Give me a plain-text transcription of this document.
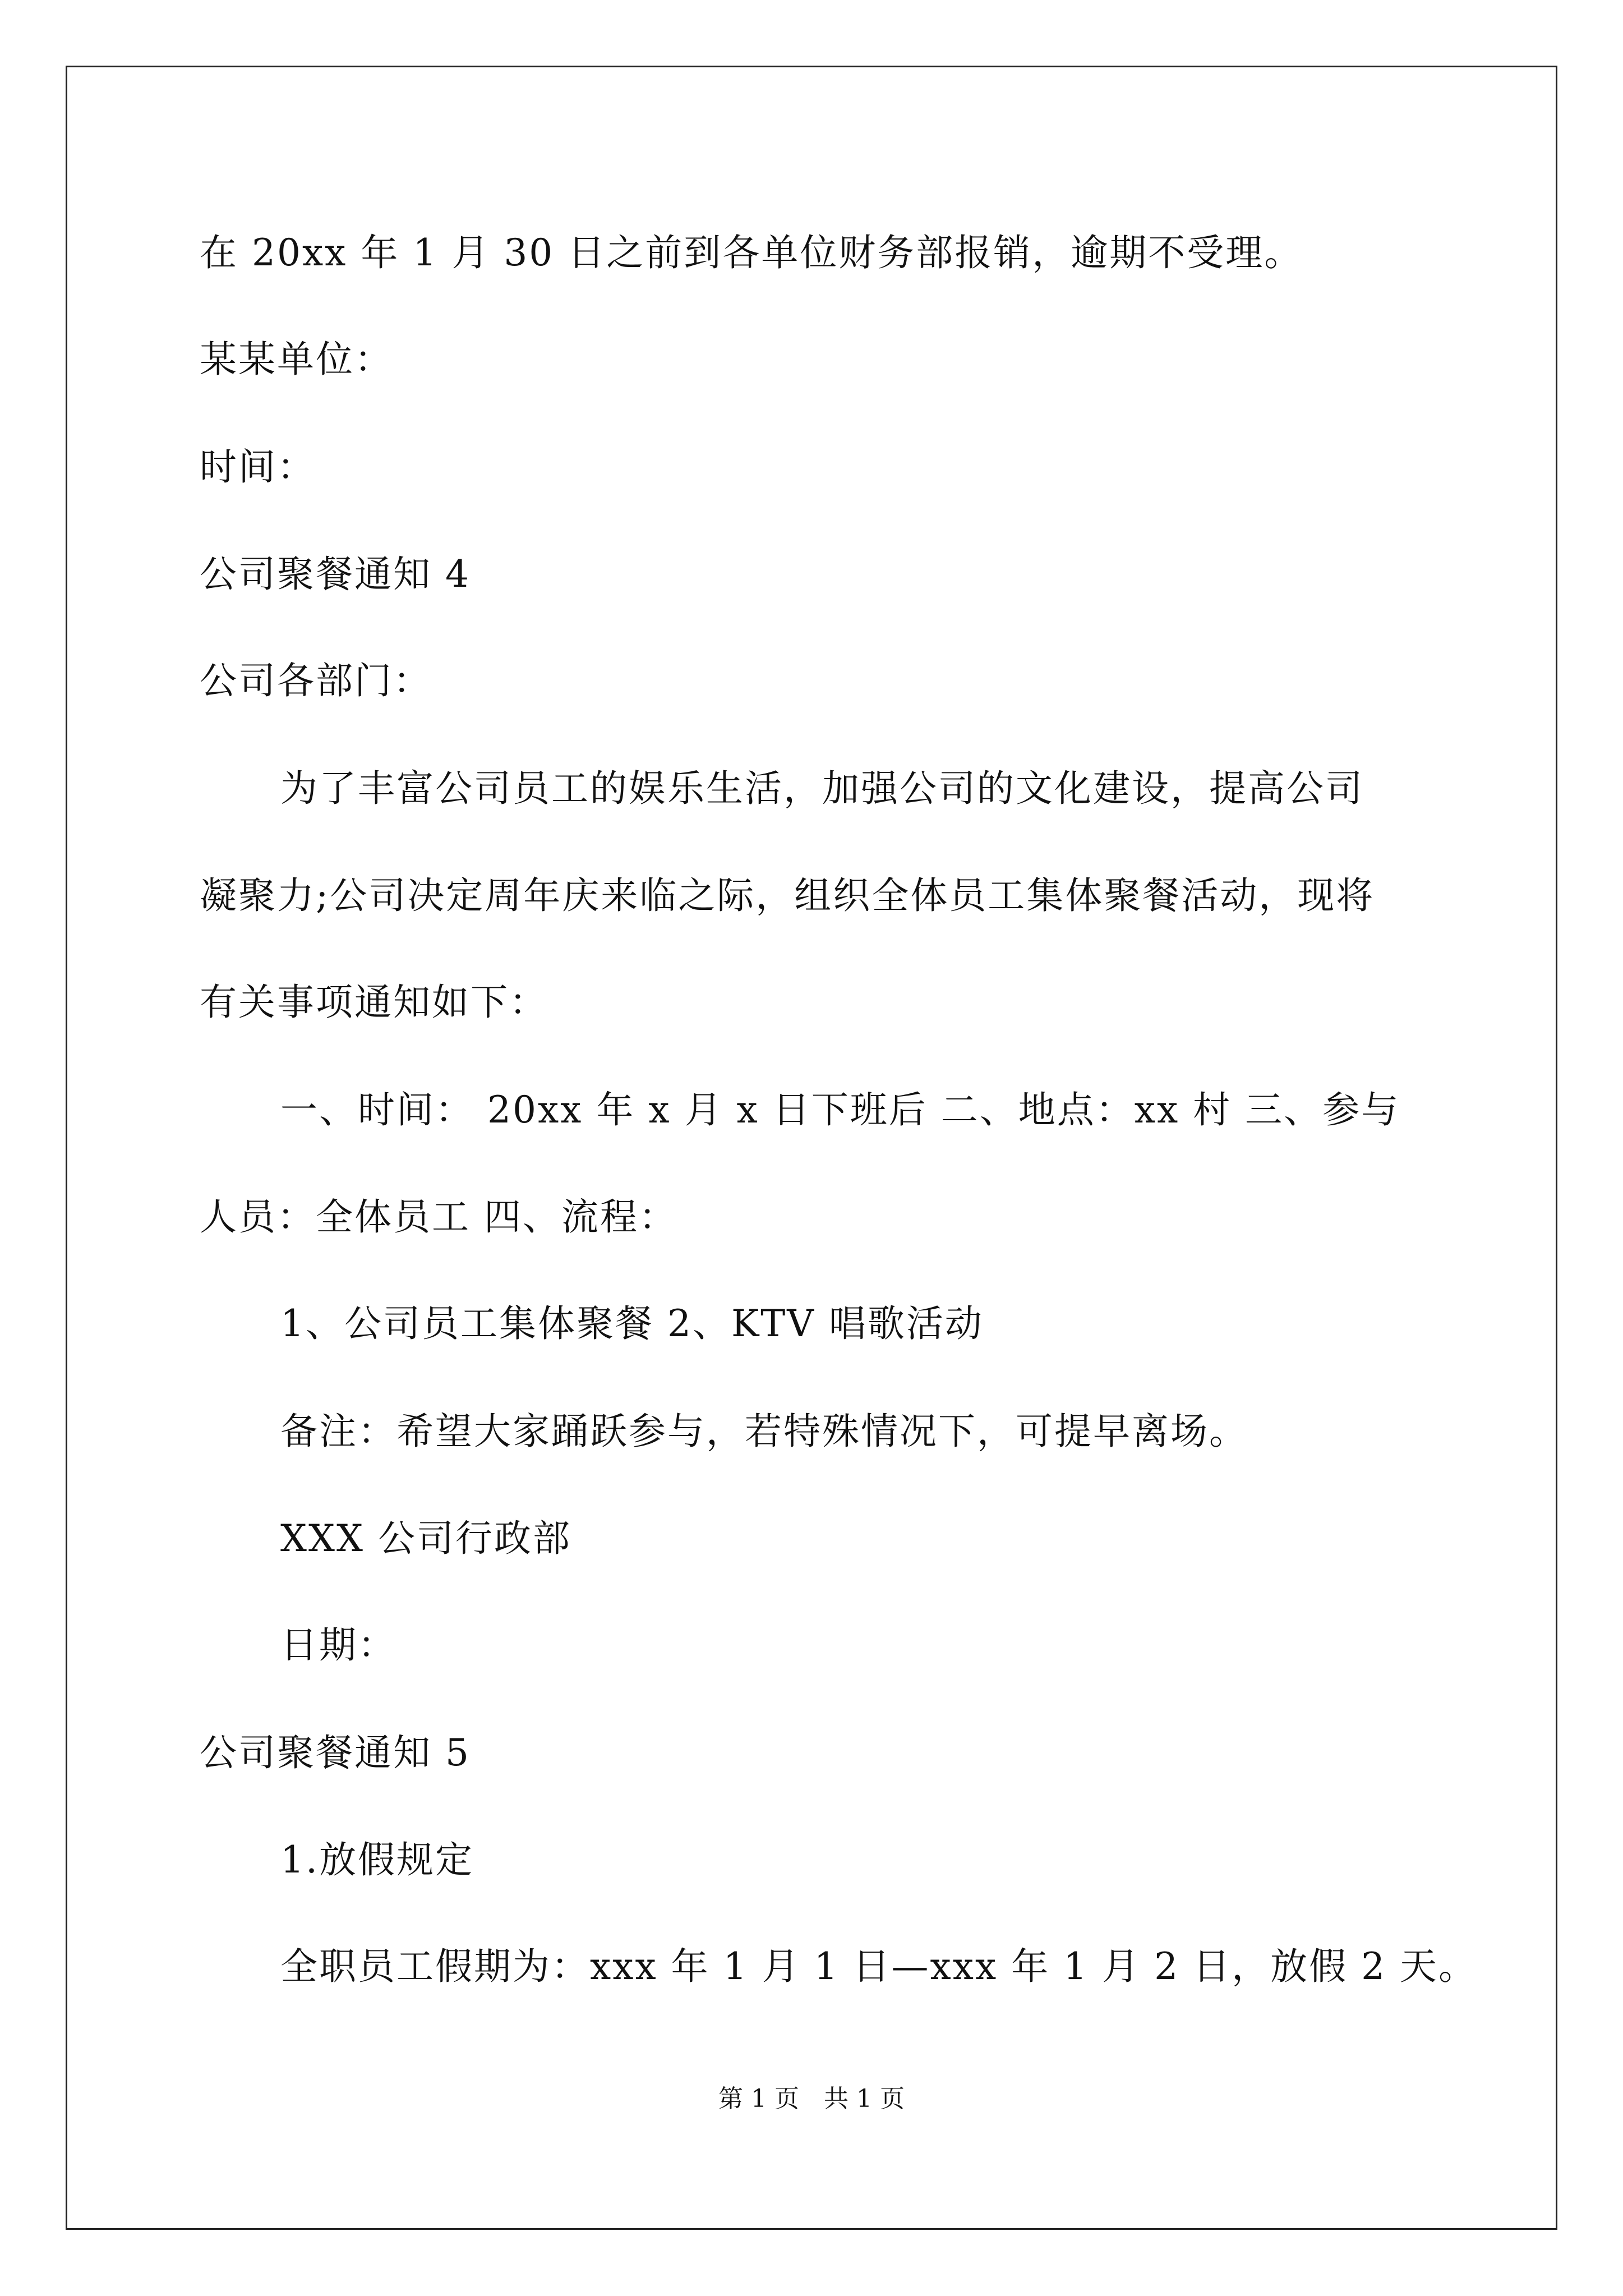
在 20xx 年 1 月 30 日之前到各单位财务部报销，逾期不受理。
某某单位：
时间：
公司聚餐通知 4
公司各部门：
为了丰富公司员工的娱乐生活，加强公司的文化建设，提高公司
凝聚力;公司决定周年庆来临之际，组织全体员工集体聚餐活动，现将
有关事项通知如下：
一、时间： 20xx 年 x 月 x 日下班后 二、地点：xx 村 三、参与
人员：全体员工 四、流程：
1、公司员工集体聚餐 2、KTV 唱歌活动
备注：希望大家踊跃参与，若特殊情况下，可提早离场。
XXX 公司行政部
日期：
公司聚餐通知 5
1.放假规定
全职员工假期为：xxx 年 1 月 1 日—xxx 年 1 月 2 日，放假 2 天。
第 1 页　共 1 页
